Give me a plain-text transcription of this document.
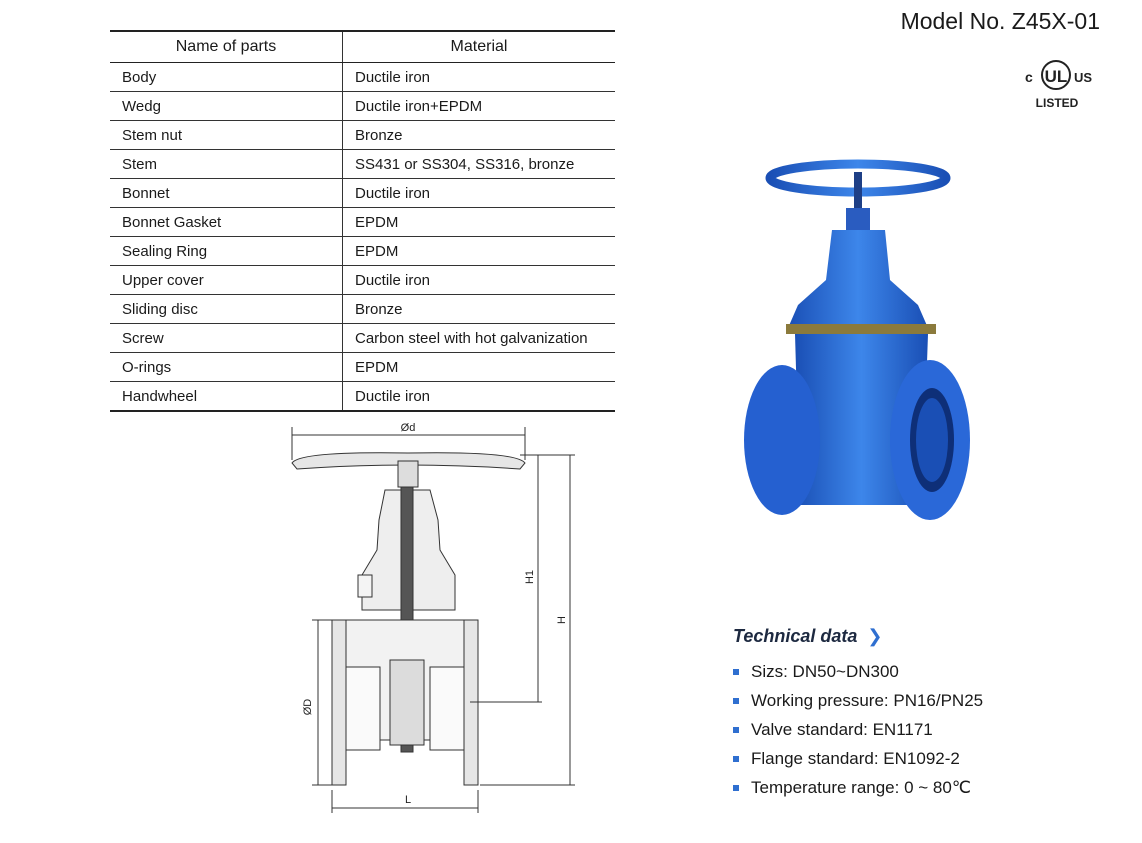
Model No. Z45X-01
c UL US
LISTED
Name of parts	Material
Body	Ductile iron
Wedg	Ductile iron+EPDM
Stem nut	Bronze
Stem	SS431 or SS304, SS316, bronze
Bonnet	Ductile iron
Bonnet Gasket	EPDM
Sealing Ring	EPDM
Upper cover	Ductile iron
Sliding disc	Bronze
Screw	Carbon steel with hot galvanization
O-rings	EPDM
Handwheel	Ductile iron
Ød
ØD
H1
H
L
Technical data ❯
Sizs: DN50~DN300
Working pressure: PN16/PN25
Valve standard: EN1171
Flange standard: EN1092-2
Temperature range: 0 ~ 80℃
